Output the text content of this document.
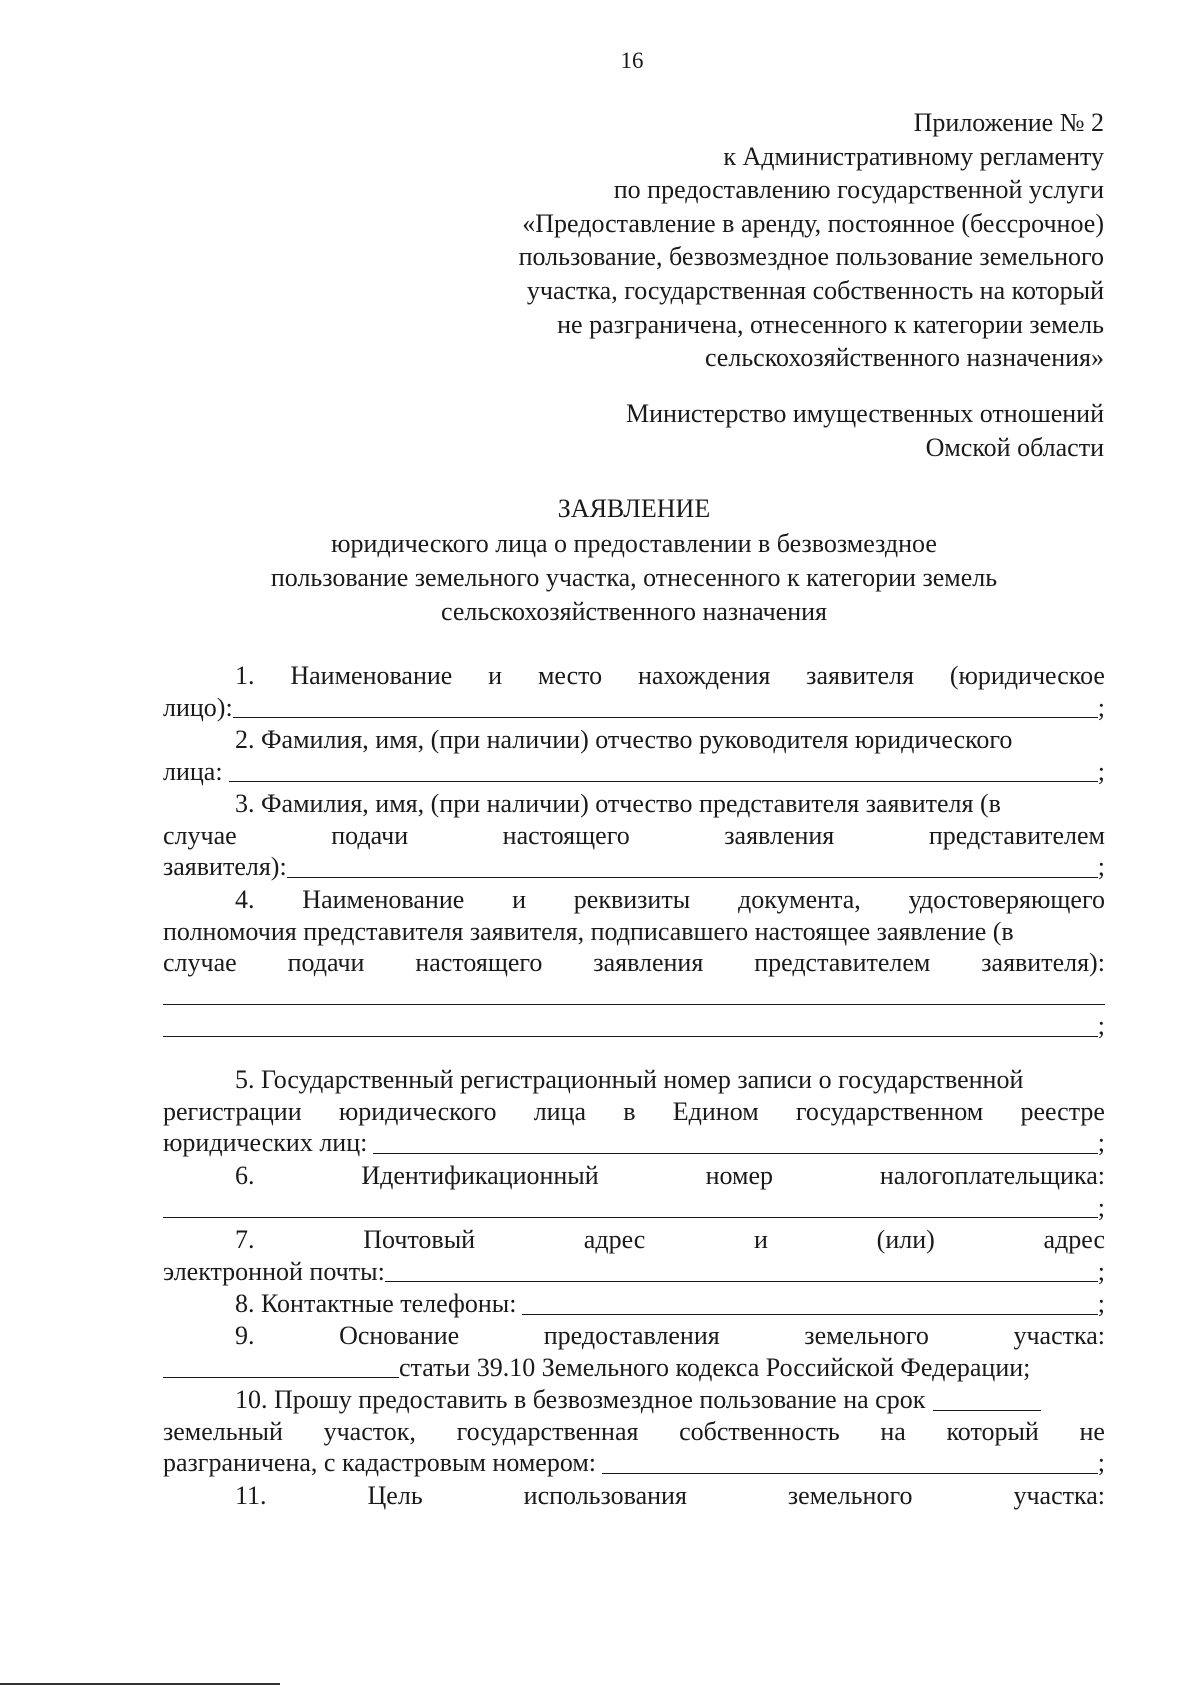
16
Приложение № 2
к Административному регламенту
по предоставлению государственной услуги
«Предоставление в аренду, постоянное (бессрочное)
пользование, безвозмездное пользование земельного
участка, государственная собственность на который
не разграничена, отнесенного к категории земель
сельскохозяйственного назначения»
Министерство имущественных отношений
Омской области
ЗАЯВЛЕНИЕ
юридического лица о предоставлении в безвозмездное
пользование земельного участка, отнесенного к категории земель
сельскохозяйственного назначения
1. Наименование и место нахождения заявителя (юридическое
лицо):	;
2. Фамилия, имя, (при наличии) отчество руководителя юридического
лица:	;
3. Фамилия, имя, (при наличии) отчество представителя заявителя (в
случае	подачи	настоящего	заявления	представителем
заявителя):	;
4. Наименование и реквизиты документа, удостоверяющего
полномочия представителя заявителя, подписавшего настоящее заявление (в
случае подачи настоящего заявления представителем заявителя):
;
5. Государственный регистрационный номер записи о государственной
регистрации юридического лица в Едином государственном реестре
юридических лиц:	;
6.	Идентификационный	номер	налогоплательщика:
;
7.	Почтовый	адрес	и	(или)	адрес
электронной почты:	;
8. Контактные телефоны:	;
9.	Основание	предоставления	земельного	участка:
статьи 39.10 Земельного кодекса Российской Федерации;
10. Прошу предоставить в безвозмездное пользование на срок
земельный участок, государственная собственность на который не
разграничена, с кадастровым номером:	;
11.	Цель	использования	земельного	участка:
